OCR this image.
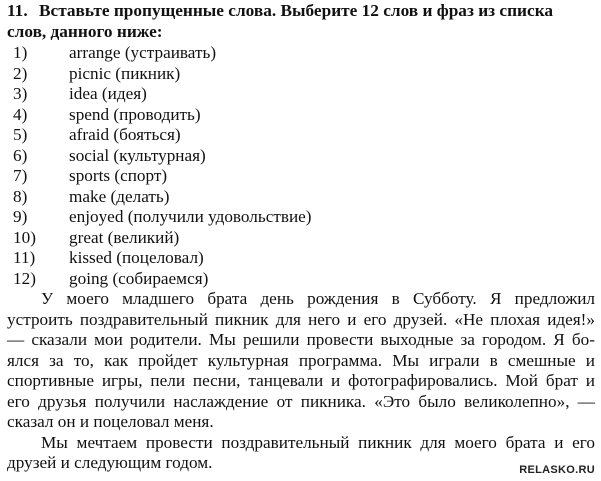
11. Вставьте пропущенные слова. Выберите 12 слов и фраз из списка
слов, данного ниже:
1) arrange (устраивать)
2) picnic (пикник)
3) idea (идея)
4) spend (проводить)
5) afraid (бояться)
6) social (культурная)
7) sports (спорт)
8) make (делать)
9) enjoyed (получили удовольствие)
10) great (великий)
11) kissed (поцеловал)
12) going (собираемся)
У моего младшего брата день рождения в Субботу. Я предложил
устроить поздравительный пикник для него и его друзей. «Не плохая идея!»
— сказали мои родители. Мы решили провести выходные за городом. Я бо-
ялся за то, как пройдет культурная программа. Мы играли в смешные и
спортивные игры, пели песни, танцевали и фотографировались. Мой брат и
его друзья получили наслаждение от пикника. «Это было великолепно», —
сказал он и поцеловал меня.
Мы мечтаем провести поздравительный пикник для моего брата и его
друзей и следующим годом.	RELASKO.RU
